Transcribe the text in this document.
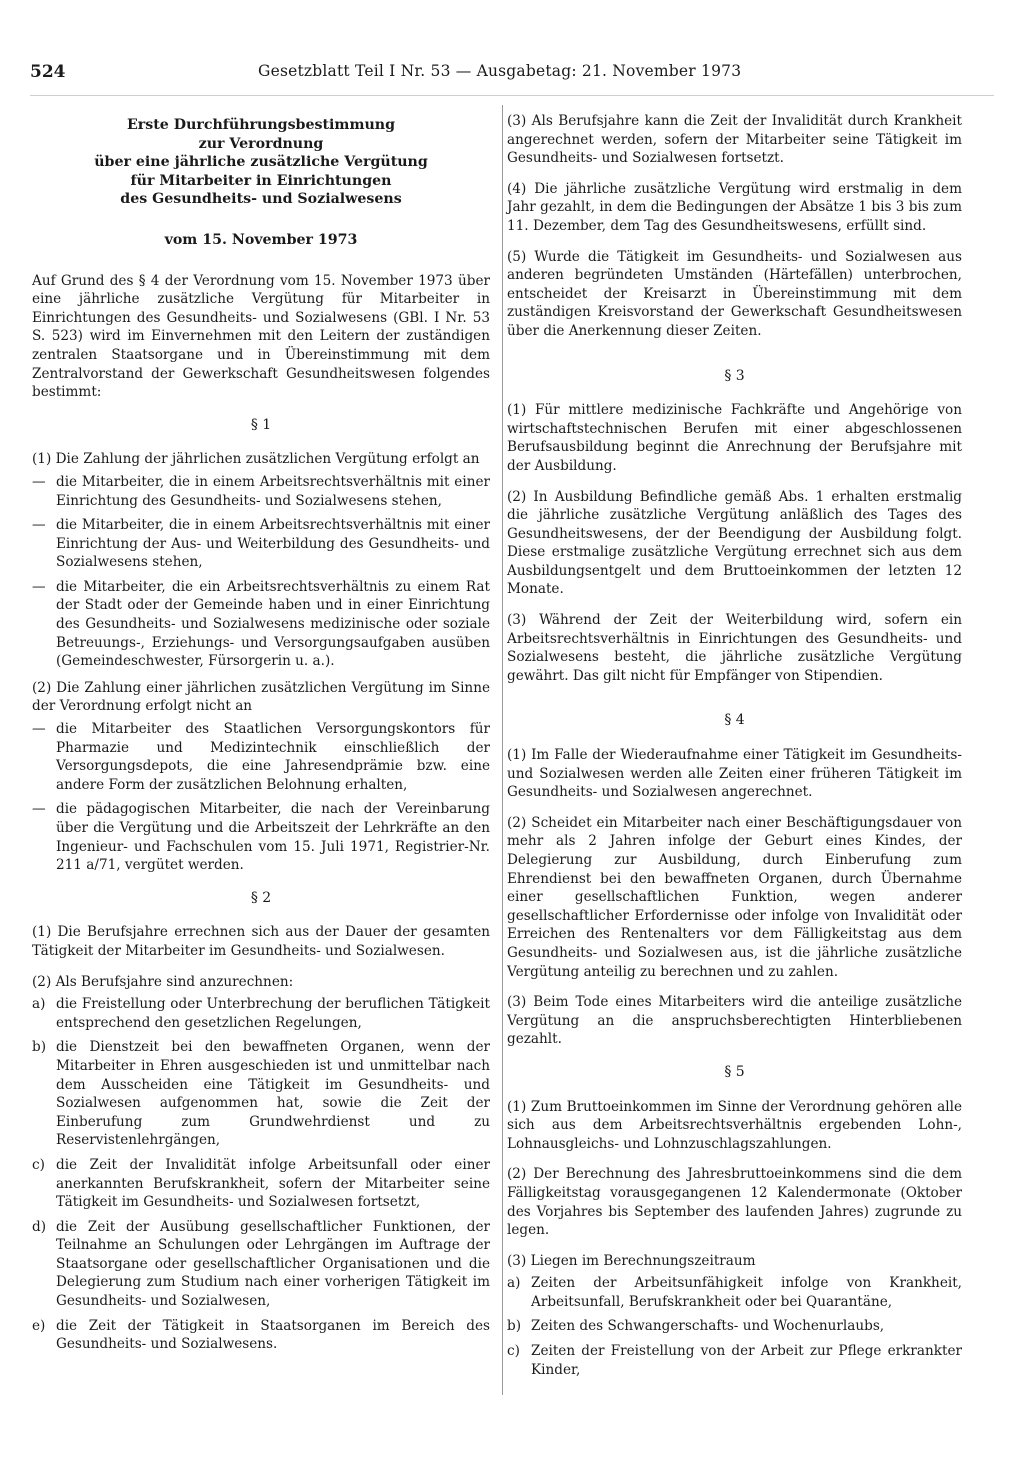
524	Gesetzblatt Teil I Nr. 53 — Ausgabetag: 21. November 1973
Erste Durchführungsbestimmung
zur Verordnung
über eine jährliche zusätzliche Vergütung
für Mitarbeiter in Einrichtungen
des Gesundheits- und Sozialwesens
vom 15. November 1973

Auf Grund des § 4 der Verordnung vom 15. November 1973 über eine jährliche zusätzliche Vergütung für Mitarbeiter in Einrichtungen des Gesundheits- und Sozialwesens (GBl. I Nr. 53 S. 523) wird im Einvernehmen mit den Leitern der zuständigen zentralen Staatsorgane und in Übereinstimmung mit dem Zentralvorstand der Gewerkschaft Gesundheitswesen folgendes bestimmt:

§ 1

(1) Die Zahlung der jährlichen zusätzlichen Vergütung erfolgt an

— die Mitarbeiter, die in einem Arbeitsrechtsverhältnis mit einer Einrichtung des Gesundheits- und Sozialwesens stehen,
— die Mitarbeiter, die in einem Arbeitsrechtsverhältnis mit einer Einrichtung der Aus- und Weiterbildung des Gesundheits- und Sozialwesens stehen,
— die Mitarbeiter, die ein Arbeitsrechtsverhältnis zu einem Rat der Stadt oder der Gemeinde haben und in einer Einrichtung des Gesundheits- und Sozialwesens medizinische oder soziale Betreuungs-, Erziehungs- und Versorgungsaufgaben ausüben (Gemeindeschwester, Fürsorgerin u. a.).

(2) Die Zahlung einer jährlichen zusätzlichen Vergütung im Sinne der Verordnung erfolgt nicht an

— die Mitarbeiter des Staatlichen Versorgungskontors für Pharmazie und Medizintechnik einschließlich der Versorgungsdepots, die eine Jahresendprämie bzw. eine andere Form der zusätzlichen Belohnung erhalten,
— die pädagogischen Mitarbeiter, die nach der Vereinbarung über die Vergütung und die Arbeitszeit der Lehrkräfte an den Ingenieur- und Fachschulen vom 15. Juli 1971, Registrier-Nr. 211 a/71, vergütet werden.
§ 2

(1) Die Berufsjahre errechnen sich aus der Dauer der gesamten Tätigkeit der Mitarbeiter im Gesundheits- und Sozialwesen.

(2) Als Berufsjahre sind anzurechnen:

a) die Freistellung oder Unterbrechung der beruflichen Tätigkeit entsprechend den gesetzlichen Regelungen,
b) die Dienstzeit bei den bewaffneten Organen, wenn der Mitarbeiter in Ehren ausgeschieden ist und unmittelbar nach dem Ausscheiden eine Tätigkeit im Gesundheits- und Sozialwesen aufgenommen hat, sowie die Zeit der Einberufung zum Grundwehrdienst und zu Reservistenlehrgängen,
c) die Zeit der Invalidität infolge Arbeitsunfall oder einer anerkannten Berufskrankheit, sofern der Mitarbeiter seine Tätigkeit im Gesundheits- und Sozialwesen fortsetzt,
d) die Zeit der Ausübung gesellschaftlicher Funktionen, der Teilnahme an Schulungen oder Lehrgängen im Auftrage der Staatsorgane oder gesellschaftlicher Organisationen und die Delegierung zum Studium nach einer vorherigen Tätigkeit im Gesundheits- und Sozialwesen,
e) die Zeit der Tätigkeit in Staatsorganen im Bereich des Gesundheits- und Sozialwesens.

(3) Als Berufsjahre kann die Zeit der Invalidität durch Krankheit angerechnet werden, sofern der Mitarbeiter seine Tätigkeit im Gesundheits- und Sozialwesen fortsetzt.

(4) Die jährliche zusätzliche Vergütung wird erstmalig in dem Jahr gezahlt, in dem die Bedingungen der Absätze 1 bis 3 bis zum 11. Dezember, dem Tag des Gesundheitswesens, erfüllt sind.

(5) Wurde die Tätigkeit im Gesundheits- und Sozialwesen aus anderen begründeten Umständen (Härtefällen) unterbrochen, entscheidet der Kreisarzt in Übereinstimmung mit dem zuständigen Kreisvorstand der Gewerkschaft Gesundheitswesen über die Anerkennung dieser Zeiten.

§ 3

(1) Für mittlere medizinische Fachkräfte und Angehörige von wirtschaftstechnischen Berufen mit einer abgeschlossenen Berufsausbildung beginnt die Anrechnung der Berufsjahre mit der Ausbildung.

(2) In Ausbildung Befindliche gemäß Abs. 1 erhalten erstmalig die jährliche zusätzliche Vergütung anläßlich des Tages des Gesundheitswesens, der der Beendigung der Ausbildung folgt. Diese erstmalige zusätzliche Vergütung errechnet sich aus dem Ausbildungsentgelt und dem Bruttoeinkommen der letzten 12 Monate.

(3) Während der Zeit der Weiterbildung wird, sofern ein Arbeitsrechtsverhältnis in Einrichtungen des Gesundheits- und Sozialwesens besteht, die jährliche zusätzliche Vergütung gewährt. Das gilt nicht für Empfänger von Stipendien.

§ 4

(1) Im Falle der Wiederaufnahme einer Tätigkeit im Gesundheits- und Sozialwesen werden alle Zeiten einer früheren Tätigkeit im Gesundheits- und Sozialwesen angerechnet.

(2) Scheidet ein Mitarbeiter nach einer Beschäftigungsdauer von mehr als 2 Jahren infolge der Geburt eines Kindes, der Delegierung zur Ausbildung, durch Einberufung zum Ehrendienst bei den bewaffneten Organen, durch Übernahme einer gesellschaftlichen Funktion, wegen anderer gesellschaftlicher Erfordernisse oder infolge von Invalidität oder Erreichen des Rentenalters vor dem Fälligkeitstag aus dem Gesundheits- und Sozialwesen aus, ist die jährliche zusätzliche Vergütung anteilig zu berechnen und zu zahlen.

(3) Beim Tode eines Mitarbeiters wird die anteilige zusätzliche Vergütung an die anspruchsberechtigten Hinterbliebenen gezahlt.

§ 5

(1) Zum Bruttoeinkommen im Sinne der Verordnung gehören alle sich aus dem Arbeitsrechtsverhältnis ergebenden Lohn-, Lohnausgleichs- und Lohnzuschlagszahlungen.

(2) Der Berechnung des Jahresbruttoeinkommens sind die dem Fälligkeitstag vorausgegangenen 12 Kalendermonate (Oktober des Vorjahres bis September des laufenden Jahres) zugrunde zu legen.

(3) Liegen im Berechnungszeitraum

a) Zeiten der Arbeitsunfähigkeit infolge von Krankheit, Arbeitsunfall, Berufskrankheit oder bei Quarantäne,
b) Zeiten des Schwangerschafts- und Wochenurlaubs,
c) Zeiten der Freistellung von der Arbeit zur Pflege erkrankter Kinder,
